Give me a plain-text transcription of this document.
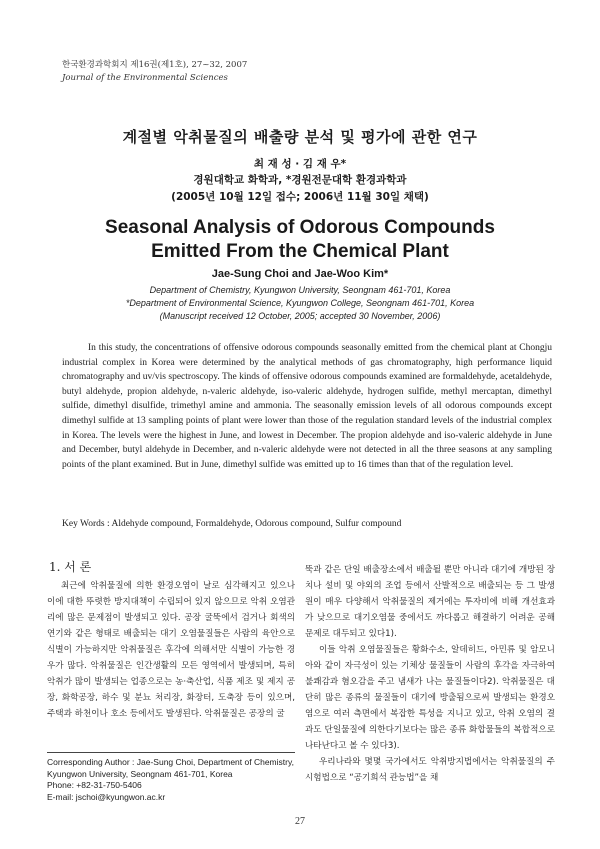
한국환경과학회지 제16권(제1호), 27~32, 2007
Journal of the Environmental Sciences
계절별 악취물질의 배출량 분석 및 평가에 관한 연구
최 재 성 · 김 재 우*
경원대학교 화학과, *경원전문대학 환경과학과
(2005년 10월 12일 접수; 2006년 11월 30일 채택)
Seasonal Analysis of Odorous Compounds
Emitted From the Chemical Plant
Jae-Sung Choi and Jae-Woo Kim*
Department of Chemistry, Kyungwon University, Seongnam 461-701, Korea
*Department of Environmental Science, Kyungwon College, Seongnam 461-701, Korea
(Manuscript received 12 October, 2005; accepted 30 November, 2006)
In this study, the concentrations of offensive odorous compounds seasonally emitted from the chemical plant at Chongju industrial complex in Korea were determined by the analytical methods of gas chromatography, high performance liquid chromatography and uv/vis spectroscopy. The kinds of offensive odorous compounds examined are formaldehyde, acetaldehyde, butyl aldehyde, propion aldehyde, n-valeric aldehyde, iso-valeric aldehyde, hydrogen sulfide, methyl mercaptan, dimethyl sulfide, dimethyl disulfide, trimethyl amine and ammonia. The seasonally emission levels of all odorous compounds except dimethyl sulfide at 13 sampling points of plant were lower than those of the regulation standard levels of the industrial complex in Korea. The levels were the highest in June, and lowest in December. The propion aldehyde and iso-valeric aldehyde in June and December, butyl aldehyde in December, and n-valeric aldehyde were not detected in all the three seasons at any sampling points of the plant examined. But in June, dimethyl sulfide was emitted up to 16 times than that of the regulation level.
Key Words : Aldehyde compound, Formaldehyde, Odorous compound, Sulfur compound
1. 서 론

최근에 악취물질에 의한 환경오염이 날로 심각해지고 있으나 이에 대한 뚜렷한 방지대책이 수립되어 있지 않으므로 악취 오염관리에 많은 문제점이 발생되고 있다. 공장 굴뚝에서 검거나 회색의 연기와 같은 형태로 배출되는 대기 오염물질들은 사람의 육안으로 식별이 가능하지만 악취물질은 후각에 의해서만 식별이 가능한 경우가 많다. 악취물질은 인간생활의 모든 영역에서 발생되며, 특히 악취가 많이 발생되는 업종으로는 농·축산업, 식품 제조 및 제지 공장, 화학공장, 하수 및 분뇨 처리장, 화장터, 도축장 등이 있으며, 주택과 하천이나 호소 등에서도 발생된다. 악취물질은 공장의 굴

뚝과 같은 단일 배출장소에서 배출될 뿐만 아니라 대기에 개방된 장치나 설비 및 야외의 조업 등에서 산발적으로 배출되는 등 그 발생원이 매우 다양해서 악취물질의 제거에는 투자비에 비해 개선효과가 낮으므로 대기오염물 중에서도 까다롭고 해결하기 어려운 공해문제로 대두되고 있다1).

이들 악취 오염물질들은 황화수소, 알데히드, 아민류 및 암모니아와 같이 자극성이 있는 기체상 물질들이 사람의 후각을 자극하여 불쾌감과 혐오감을 주고 냄새가 나는 물질들이다2). 악취물질은 대단히 많은 종류의 물질들이 대기에 방출됨으로써 발생되는 환경오염으로 여러 측면에서 복잡한 특성을 지니고 있고, 악취 오염의 결과도 단일물질에 의한다기보다는 많은 종류 화합물들의 복합적으로 나타난다고 볼 수 있다3).

우리나라와 몇몇 국가에서도 악취방지법에서는 악취물질의 주 시험법으로 “공기희석 관능법”을 채

Corresponding Author : Jae-Sung Choi, Department of Chemistry, Kyungwon University, Seongnam 461-701, Korea
Phone: +82-31-750-5406
E-mail: jschoi@kyungwon.ac.kr
27
